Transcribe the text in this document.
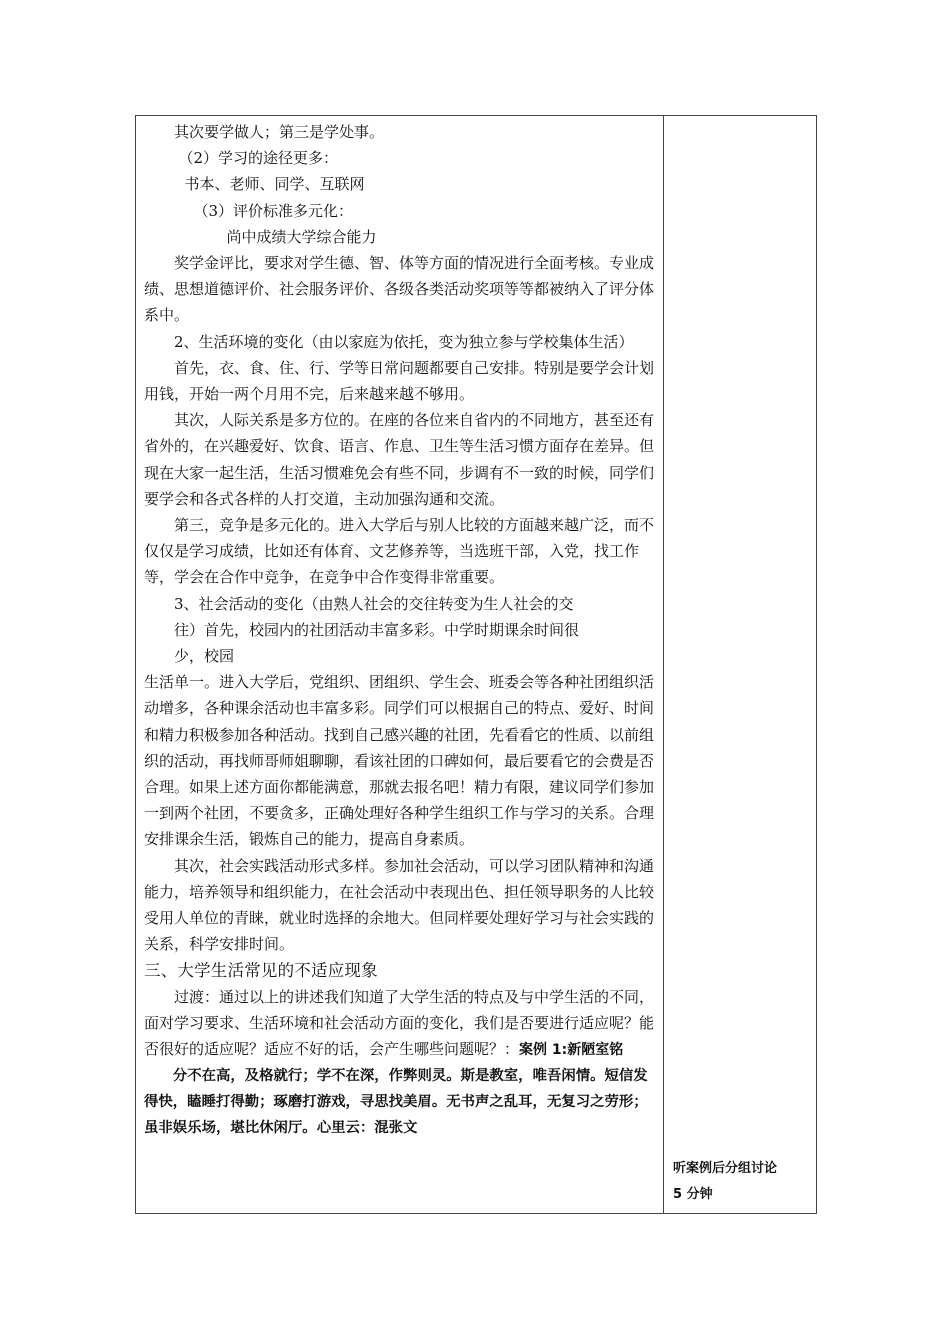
其次要学做人；第三是学处事。

（2）学习的途径更多：

书本、老师、同学、互联网

（3）评价标准多元化：

尚中成绩大学综合能力

奖学金评比，要求对学生德、智、体等方面的情况进行全面考核。专业成绩、思想道德评价、社会服务评价、各级各类活动奖项等等都被纳入了评分体系中。

2、生活环境的变化（由以家庭为依托，变为独立参与学校集体生活）

首先，衣、食、住、行、学等日常问题都要自己安排。特别是要学会计划用钱，开始一两个月用不完，后来越来越不够用。

其次，人际关系是多方位的。在座的各位来自省内的不同地方，甚至还有省外的，在兴趣爱好、饮食、语言、作息、卫生等生活习惯方面存在差异。但现在大家一起生活，生活习惯难免会有些不同，步调有不一致的时候，同学们要学会和各式各样的人打交道，主动加强沟通和交流。

第三，竞争是多元化的。进入大学后与别人比较的方面越来越广泛，而不仅仅是学习成绩，比如还有体育、文艺修养等，当选班干部，入党，找工作等，学会在合作中竞争，在竞争中合作变得非常重要。

3、社会活动的变化（由熟人社会的交往转变为生人社会的交

往）首先，校园内的社团活动丰富多彩。中学时期课余时间很

少，校园

生活单一。进入大学后，党组织、团组织、学生会、班委会等各种社团组织活动增多，各种课余活动也丰富多彩。同学们可以根据自己的特点、爱好、时间和精力积极参加各种活动。找到自己感兴趣的社团，先看看它的性质、以前组织的活动，再找师哥师姐聊聊，看该社团的口碑如何，最后要看它的会费是否合理。如果上述方面你都能满意，那就去报名吧！精力有限，建议同学们参加一到两个社团，不要贪多，正确处理好各种学生组织工作与学习的关系。合理安排课余生活，锻炼自己的能力，提高自身素质。

其次，社会实践活动形式多样。参加社会活动，可以学习团队精神和沟通能力，培养领导和组织能力，在社会活动中表现出色、担任领导职务的人比较受用人单位的青睐，就业时选择的余地大。但同样要处理好学习与社会实践的关系，科学安排时间。

三、大学生活常见的不适应现象

过渡：通过以上的讲述我们知道了大学生活的特点及与中学生活的不同，面对学习要求、生活环境和社会活动方面的变化，我们是否要进行适应呢？能否很好的适应呢？适应不好的话，会产生哪些问题呢？：案例 1:新陋室铭

分不在高，及格就行；学不在深，作弊则灵。斯是教室，唯吾闲情。短信发得快，瞌睡打得勤；琢磨打游戏，寻思找美眉。无书声之乱耳，无复习之劳形；虽非娱乐场，堪比休闲厅。心里云：混张文

听案例后分组讨论

5 分钟
